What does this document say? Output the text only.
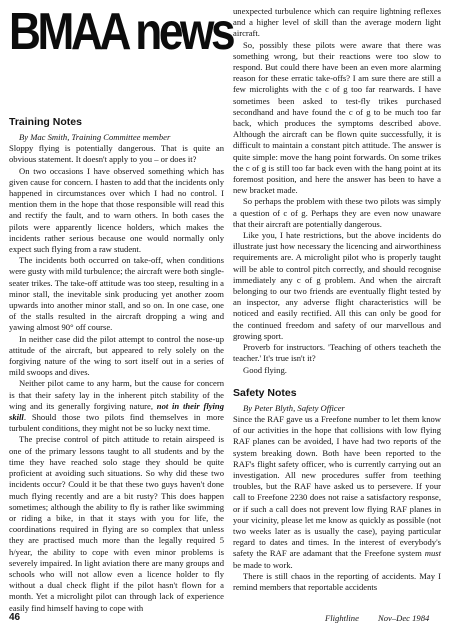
BMAA news
Training Notes

By Mac Smith, Training Committee member

Sloppy flying is potentially dangerous. That is quite an obvious statement. It doesn't apply to you – or does it?

On two occasions I have observed something which has given cause for concern. I hasten to add that the incidents only happened in circumstances over which I had no control. I mention them in the hope that those responsible will read this and rectify the fault, and to warn others. In both cases the pilots were apparently licence holders, which makes the incidents rather serious because one would normally only expect such flying from a raw student.

The incidents both occurred on take-off, when conditions were gusty with mild turbulence; the aircraft were both single-seater trikes. The take-off attitude was too steep, resulting in a minor stall, the inevitable sink producing yet another zoom upwards into another minor stall, and so on. In one case, one of the stalls resulted in the aircraft dropping a wing and yawing almost 90° off course.

In neither case did the pilot attempt to control the nose-up attitude of the aircraft, but appeared to rely solely on the forgiving nature of the wing to sort itself out in a series of mild swoops and dives.

Neither pilot came to any harm, but the cause for concern is that their safety lay in the inherent pitch stability of the wing and its generally forgiving nature, not in their flying skill. Should those two pilots find themselves in more turbulent conditions, they might not be so lucky next time.

The precise control of pitch attitude to retain airspeed is one of the primary lessons taught to all students and by the time they have reached solo stage they should be quite proficient at avoiding such situations. So why did these two incidents occur? Could it be that these two guys haven't done much flying recently and are a bit rusty? This does happen sometimes; although the ability to fly is rather like swimming or riding a bike, in that it stays with you for life, the coordinations required in flying are so complex that unless they are practised much more than the legally required 5 h/year, the ability to cope with even minor problems is severely impaired. In light aviation there are many groups and schools who will not allow even a licence holder to fly without a dual check flight if the pilot hasn't flown for a month. Yet a microlight pilot can through lack of experience easily find himself having to cope with

unexpected turbulence which can require lightning reflexes and a higher level of skill than the average modern light aircraft.

So, possibly these pilots were aware that there was something wrong, but their reactions were too slow to respond. But could there have been an even more alarming reason for these erratic take-offs? I am sure there are still a few microlights with the c of g too far rearwards. I have sometimes been asked to test-fly trikes purchased secondhand and have found the c of g to be much too far back, which produces the symptoms described above. Although the aircraft can be flown quite successfully, it is difficult to maintain a constant pitch attitude. The answer is quite simple: move the hang point forwards. On some trikes the c of g is still too far back even with the hang point at its foremost position, and here the answer has been to have a new bracket made.

So perhaps the problem with these two pilots was simply a question of c of g. Perhaps they are even now unaware that their aircraft are potentially dangerous.

Like you, I hate restrictions, but the above incidents do illustrate just how necessary the licencing and airworthiness requirements are. A microlight pilot who is properly taught will be able to control pitch correctly, and should recognise immediately any c of g problem. And when the aircraft belonging to our two friends are eventually flight tested by an inspector, any adverse flight characteristics will be noticed and easily rectified. All this can only be good for the continued freedom and safety of our marvellous and growing sport.

Proverb for instructors. 'Teaching of others teacheth the teacher.' It's true isn't it?

Good flying.

Safety Notes

By Peter Blyth, Safety Officer

Since the RAF gave us a Freefone number to let them know of our activities in the hope that collisions with low flying RAF planes can be avoided, I have had two reports of the system breaking down. Both have been reported to the RAF's flight safety officer, who is currently carrying out an investigation. All new procedures suffer from teething troubles, but the RAF have asked us to persevere. If your call to Freefone 2230 does not raise a satisfactory response, or if such a call does not prevent low flying RAF planes in your vicinity, please let me know as quickly as possible (not two weeks later as is usually the case), paying particular regard to dates and times. In the interest of everybody's safety the RAF are adamant that the Freefone system must be made to work.

There is still chaos in the reporting of accidents. May I remind members that reportable accidents

46	Flightline Nov–Dec 1984
